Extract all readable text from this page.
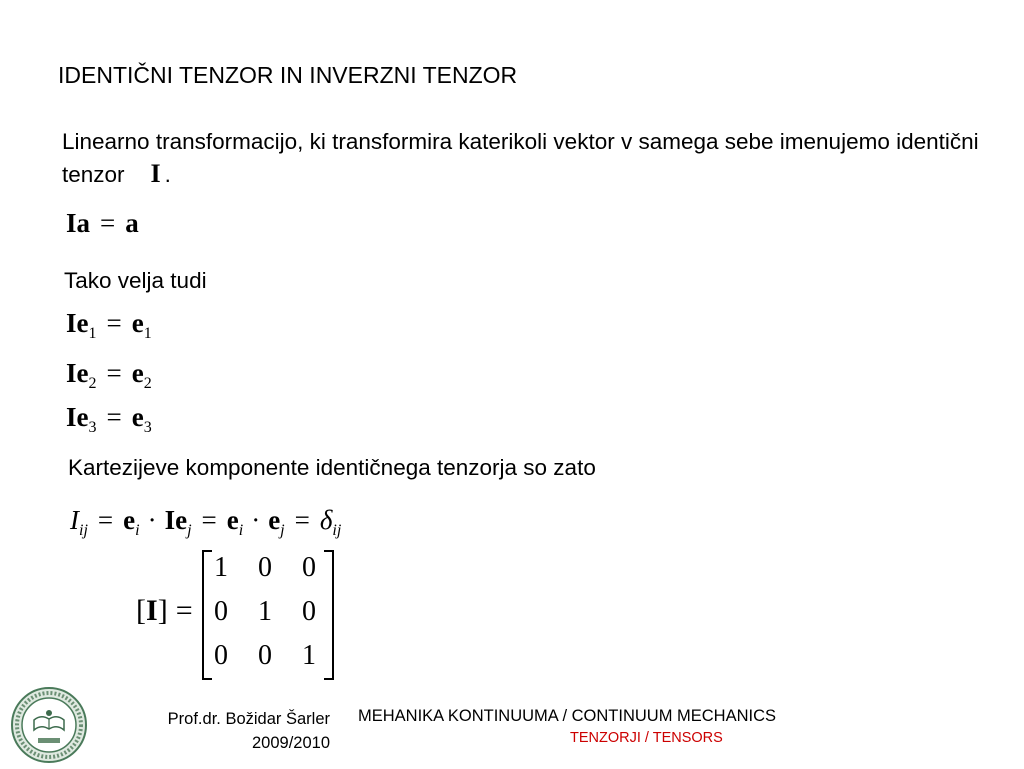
IDENTIČNI TENZOR IN INVERZNI TENZOR
Linearno transformacijo, ki transformira katerikoli vektor v samega sebe imenujemo identični tenzor I .
Ia = a
Tako velja tudi
$Ie_1 = e_1$
$Ie_2 = e_2$
$Ie_3 = e_3$
Kartezijeve komponente identičnega tenzorja so zato
$I_{ij} = e_i \cdot Ie_j = e_i \cdot e_j = \delta_{ij}$
[I] =
1 0 0
0 1 0
0 0 1
Prof.dr. Božidar Šarler
2009/2010
MEHANIKA KONTINUUMA / CONTINUUM MECHANICS
TENZORJI / TENSORS
